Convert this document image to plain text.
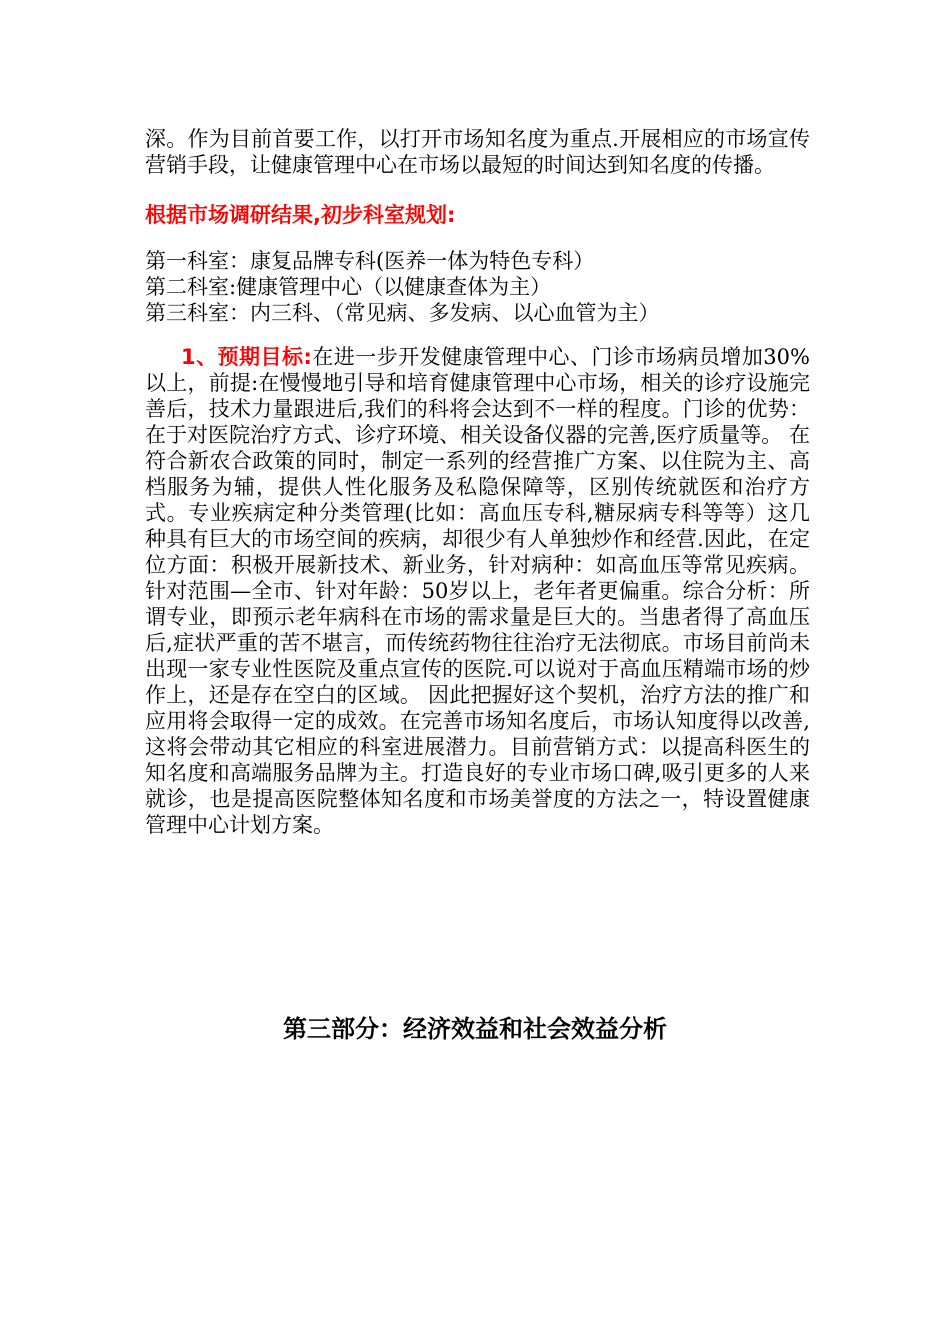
深。作为目前首要工作，以打开市场知名度为重点.开展相应的市场宣传营销手段，让健康管理中心在市场以最短的时间达到知名度的传播。
根据市场调研结果,初步科室规划:
第一科室：康复品牌专科(医养一体为特色专科）
第二科室:健康管理中心（以健康查体为主）
第三科室：内三科、（常见病、多发病、以心血管为主）
1、预期目标:在进一步开发健康管理中心、门诊市场病员增加30%以上，前提:在慢慢地引导和培育健康管理中心市场，相关的诊疗设施完善后，技术力量跟进后,我们的科将会达到不一样的程度。门诊的优势：在于对医院治疗方式、诊疗环境、相关设备仪器的完善,医疗质量等。 在符合新农合政策的同时，制定一系列的经营推广方案、以住院为主、高档服务为辅，提供人性化服务及私隐保障等，区别传统就医和治疗方式。专业疾病定种分类管理(比如：高血压专科,糖尿病专科等等）这几种具有巨大的市场空间的疾病，却很少有人单独炒作和经营.因此，在定位方面：积极开展新技术、新业务，针对病种：如高血压等常见疾病。 针对范围—全市、针对年龄：50岁以上，老年者更偏重。综合分析：所谓专业，即预示老年病科在市场的需求量是巨大的。当患者得了高血压后,症状严重的苦不堪言，而传统药物往往治疗无法彻底。市场目前尚未出现一家专业性医院及重点宣传的医院.可以说对于高血压精端市场的炒作上，还是存在空白的区域。 因此把握好这个契机，治疗方法的推广和应用将会取得一定的成效。在完善市场知名度后，市场认知度得以改善,这将会带动其它相应的科室进展潜力。目前营销方式：以提高科医生的知名度和高端服务品牌为主。打造良好的专业市场口碑,吸引更多的人来就诊，也是提高医院整体知名度和市场美誉度的方法之一，特设置健康管理中心计划方案。
第三部分：经济效益和社会效益分析
